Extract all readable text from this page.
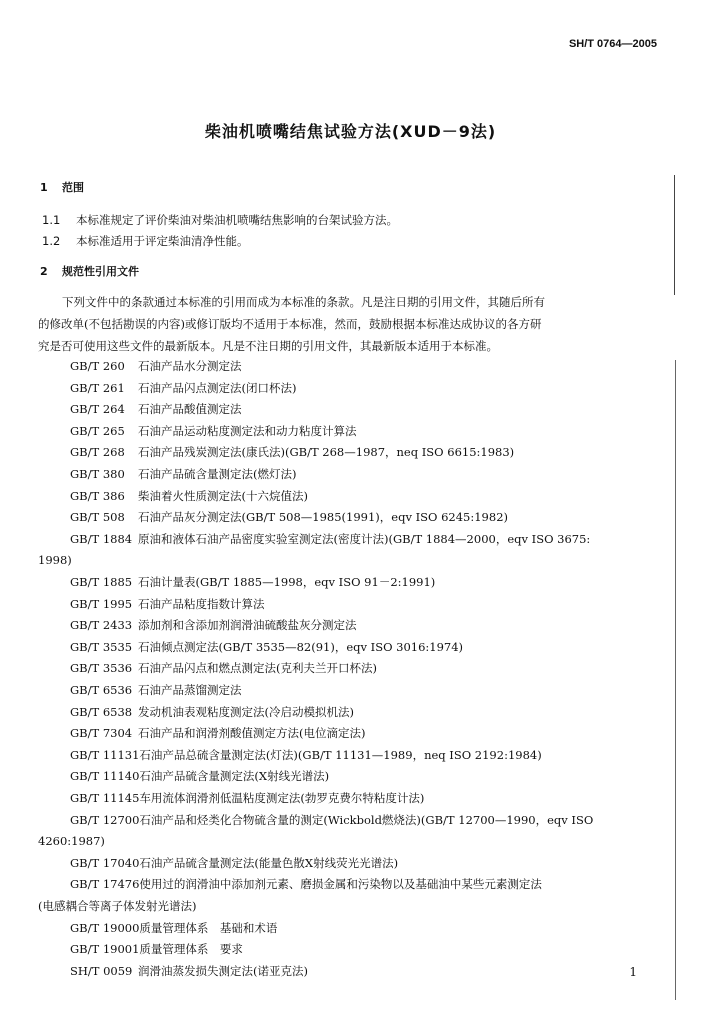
SH/T 0764—2005
柴油机喷嘴结焦试验方法(XUD－9法)
1 范围
1.1 本标准规定了评价柴油对柴油机喷嘴结焦影响的台架试验方法。
1.2 本标准适用于评定柴油清净性能。
2 规范性引用文件
下列文件中的条款通过本标准的引用而成为本标准的条款。凡是注日期的引用文件，其随后所有
的修改单(不包括勘误的内容)或修订版均不适用于本标准，然而，鼓励根据本标准达成协议的各方研
究是否可使用这些文件的最新版本。凡是不注日期的引用文件，其最新版本适用于本标准。
GB/T 260 石油产品水分测定法
GB/T 261 石油产品闪点测定法(闭口杯法)
GB/T 264 石油产品酸值测定法
GB/T 265 石油产品运动粘度测定法和动力粘度计算法
GB/T 268 石油产品残炭测定法(康氏法)(GB/T 268—1987，neq ISO 6615:1983)
GB/T 380 石油产品硫含量测定法(燃灯法)
GB/T 386 柴油着火性质测定法(十六烷值法)
GB/T 508 石油产品灰分测定法(GB/T 508—1985(1991)，eqv ISO 6245:1982)
GB/T 1884 原油和液体石油产品密度实验室测定法(密度计法)(GB/T 1884—2000，eqv ISO 3675:
1998)
GB/T 1885 石油计量表(GB/T 1885—1998，eqv ISO 91－2:1991)
GB/T 1995 石油产品粘度指数计算法
GB/T 2433 添加剂和含添加剂润滑油硫酸盐灰分测定法
GB/T 3535 石油倾点测定法(GB/T 3535—82(91)，eqv ISO 3016:1974)
GB/T 3536 石油产品闪点和燃点测定法(克利夫兰开口杯法)
GB/T 6536 石油产品蒸馏测定法
GB/T 6538 发动机油表观粘度测定法(冷启动模拟机法)
GB/T 7304 石油产品和润滑剂酸值测定方法(电位滴定法)
GB/T 11131石油产品总硫含量测定法(灯法)(GB/T 11131—1989，neq ISO 2192:1984)
GB/T 11140石油产品硫含量测定法(X射线光谱法)
GB/T 11145车用流体润滑剂低温粘度测定法(勃罗克费尔特粘度计法)
GB/T 12700石油产品和烃类化合物硫含量的测定(Wickbold燃烧法)(GB/T 12700—1990，eqv ISO
4260:1987)
GB/T 17040石油产品硫含量测定法(能量色散X射线荧光光谱法)
GB/T 17476使用过的润滑油中添加剂元素、磨损金属和污染物以及基础油中某些元素测定法
(电感耦合等离子体发射光谱法)
GB/T 19000质量管理体系　基础和术语
GB/T 19001质量管理体系　要求
SH/T 0059 润滑油蒸发损失测定法(诺亚克法)	1
